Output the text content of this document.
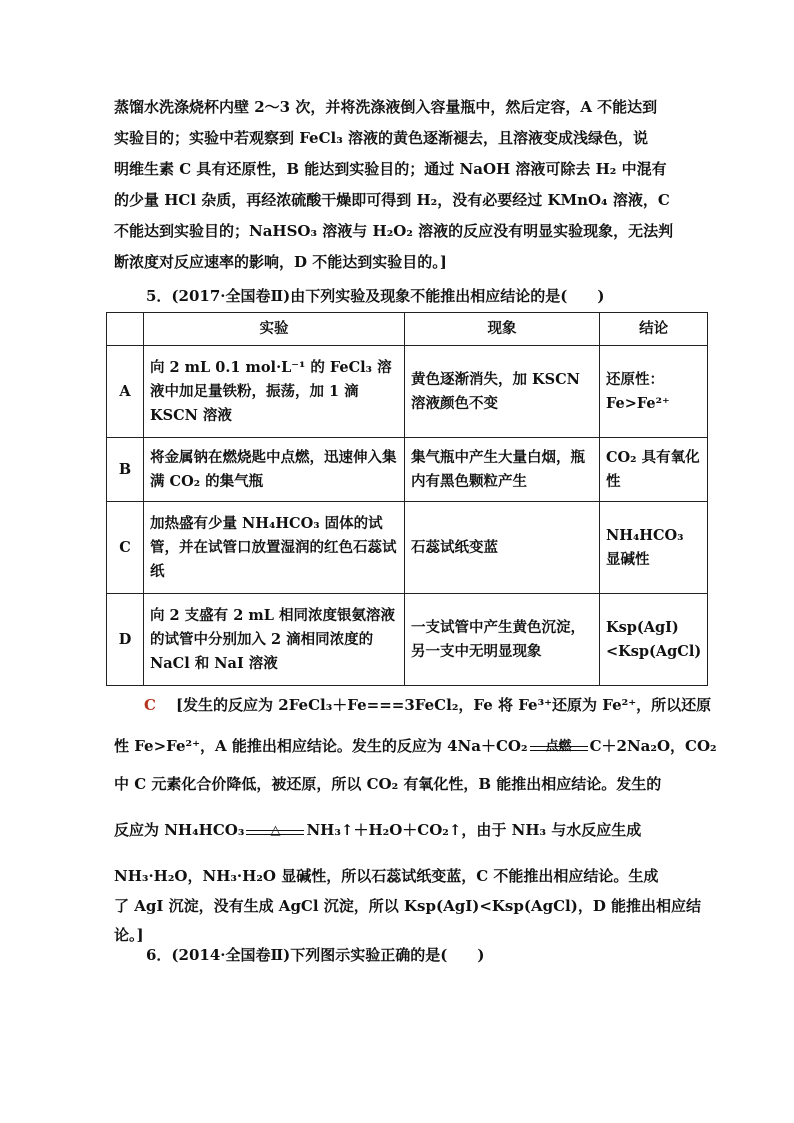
蒸馏水洗涤烧杯内壁 2～3 次，并将洗涤液倒入容量瓶中，然后定容，A 不能达到
实验目的；实验中若观察到 FeCl₃ 溶液的黄色逐渐褪去，且溶液变成浅绿色，说
明维生素 C 具有还原性，B 能达到实验目的；通过 NaOH 溶液可除去 H₂ 中混有
的少量 HCl 杂质，再经浓硫酸干燥即可得到 H₂，没有必要经过 KMnO₄ 溶液，C
不能达到实验目的；NaHSO₃ 溶液与 H₂O₂ 溶液的反应没有明显实验现象，无法判
断浓度对反应速率的影响，D 不能达到实验目的。]
5．(2017·全国卷Ⅱ)由下列实验及现象不能推出相应结论的是(　　)
	实验	现象	结论
A	向 2 mL 0.1 mol·L⁻¹ 的 FeCl₃ 溶液中加足量铁粉，振荡，加 1 滴 KSCN 溶液	黄色逐渐消失，加 KSCN 溶液颜色不变	还原性：Fe>Fe²⁺
B	将金属钠在燃烧匙中点燃，迅速伸入集满 CO₂ 的集气瓶	集气瓶中产生大量白烟，瓶内有黑色颗粒产生	CO₂ 具有氧化性
C	加热盛有少量 NH₄HCO₃ 固体的试管，并在试管口放置湿润的红色石蕊试纸	石蕊试纸变蓝	NH₄HCO₃ 显碱性
D	向 2 支盛有 2 mL 相同浓度银氨溶液的试管中分别加入 2 滴相同浓度的 NaCl 和 NaI 溶液	一支试管中产生黄色沉淀，另一支中无明显现象	Ksp(AgI)<Ksp(AgCl)
C [发生的反应为 2FeCl₃＋Fe===3FeCl₂，Fe 将 Fe³⁺还原为 Fe²⁺，所以还原
性 Fe>Fe²⁺，A 能推出相应结论。发生的反应为 4Na＋CO₂	点燃	C＋2Na₂O，CO₂
中 C 元素化合价降低，被还原，所以 CO₂ 有氧化性，B 能推出相应结论。发生的
反应为 NH₄HCO₃	△	NH₃↑＋H₂O＋CO₂↑，由于 NH₃ 与水反应生成
NH₃·H₂O，NH₃·H₂O 显碱性，所以石蕊试纸变蓝，C 不能推出相应结论。生成
了 AgI 沉淀，没有生成 AgCl 沉淀，所以 Ksp(AgI)<Ksp(AgCl)，D 能推出相应结
论。]
6．(2014·全国卷Ⅱ)下列图示实验正确的是(　　)
